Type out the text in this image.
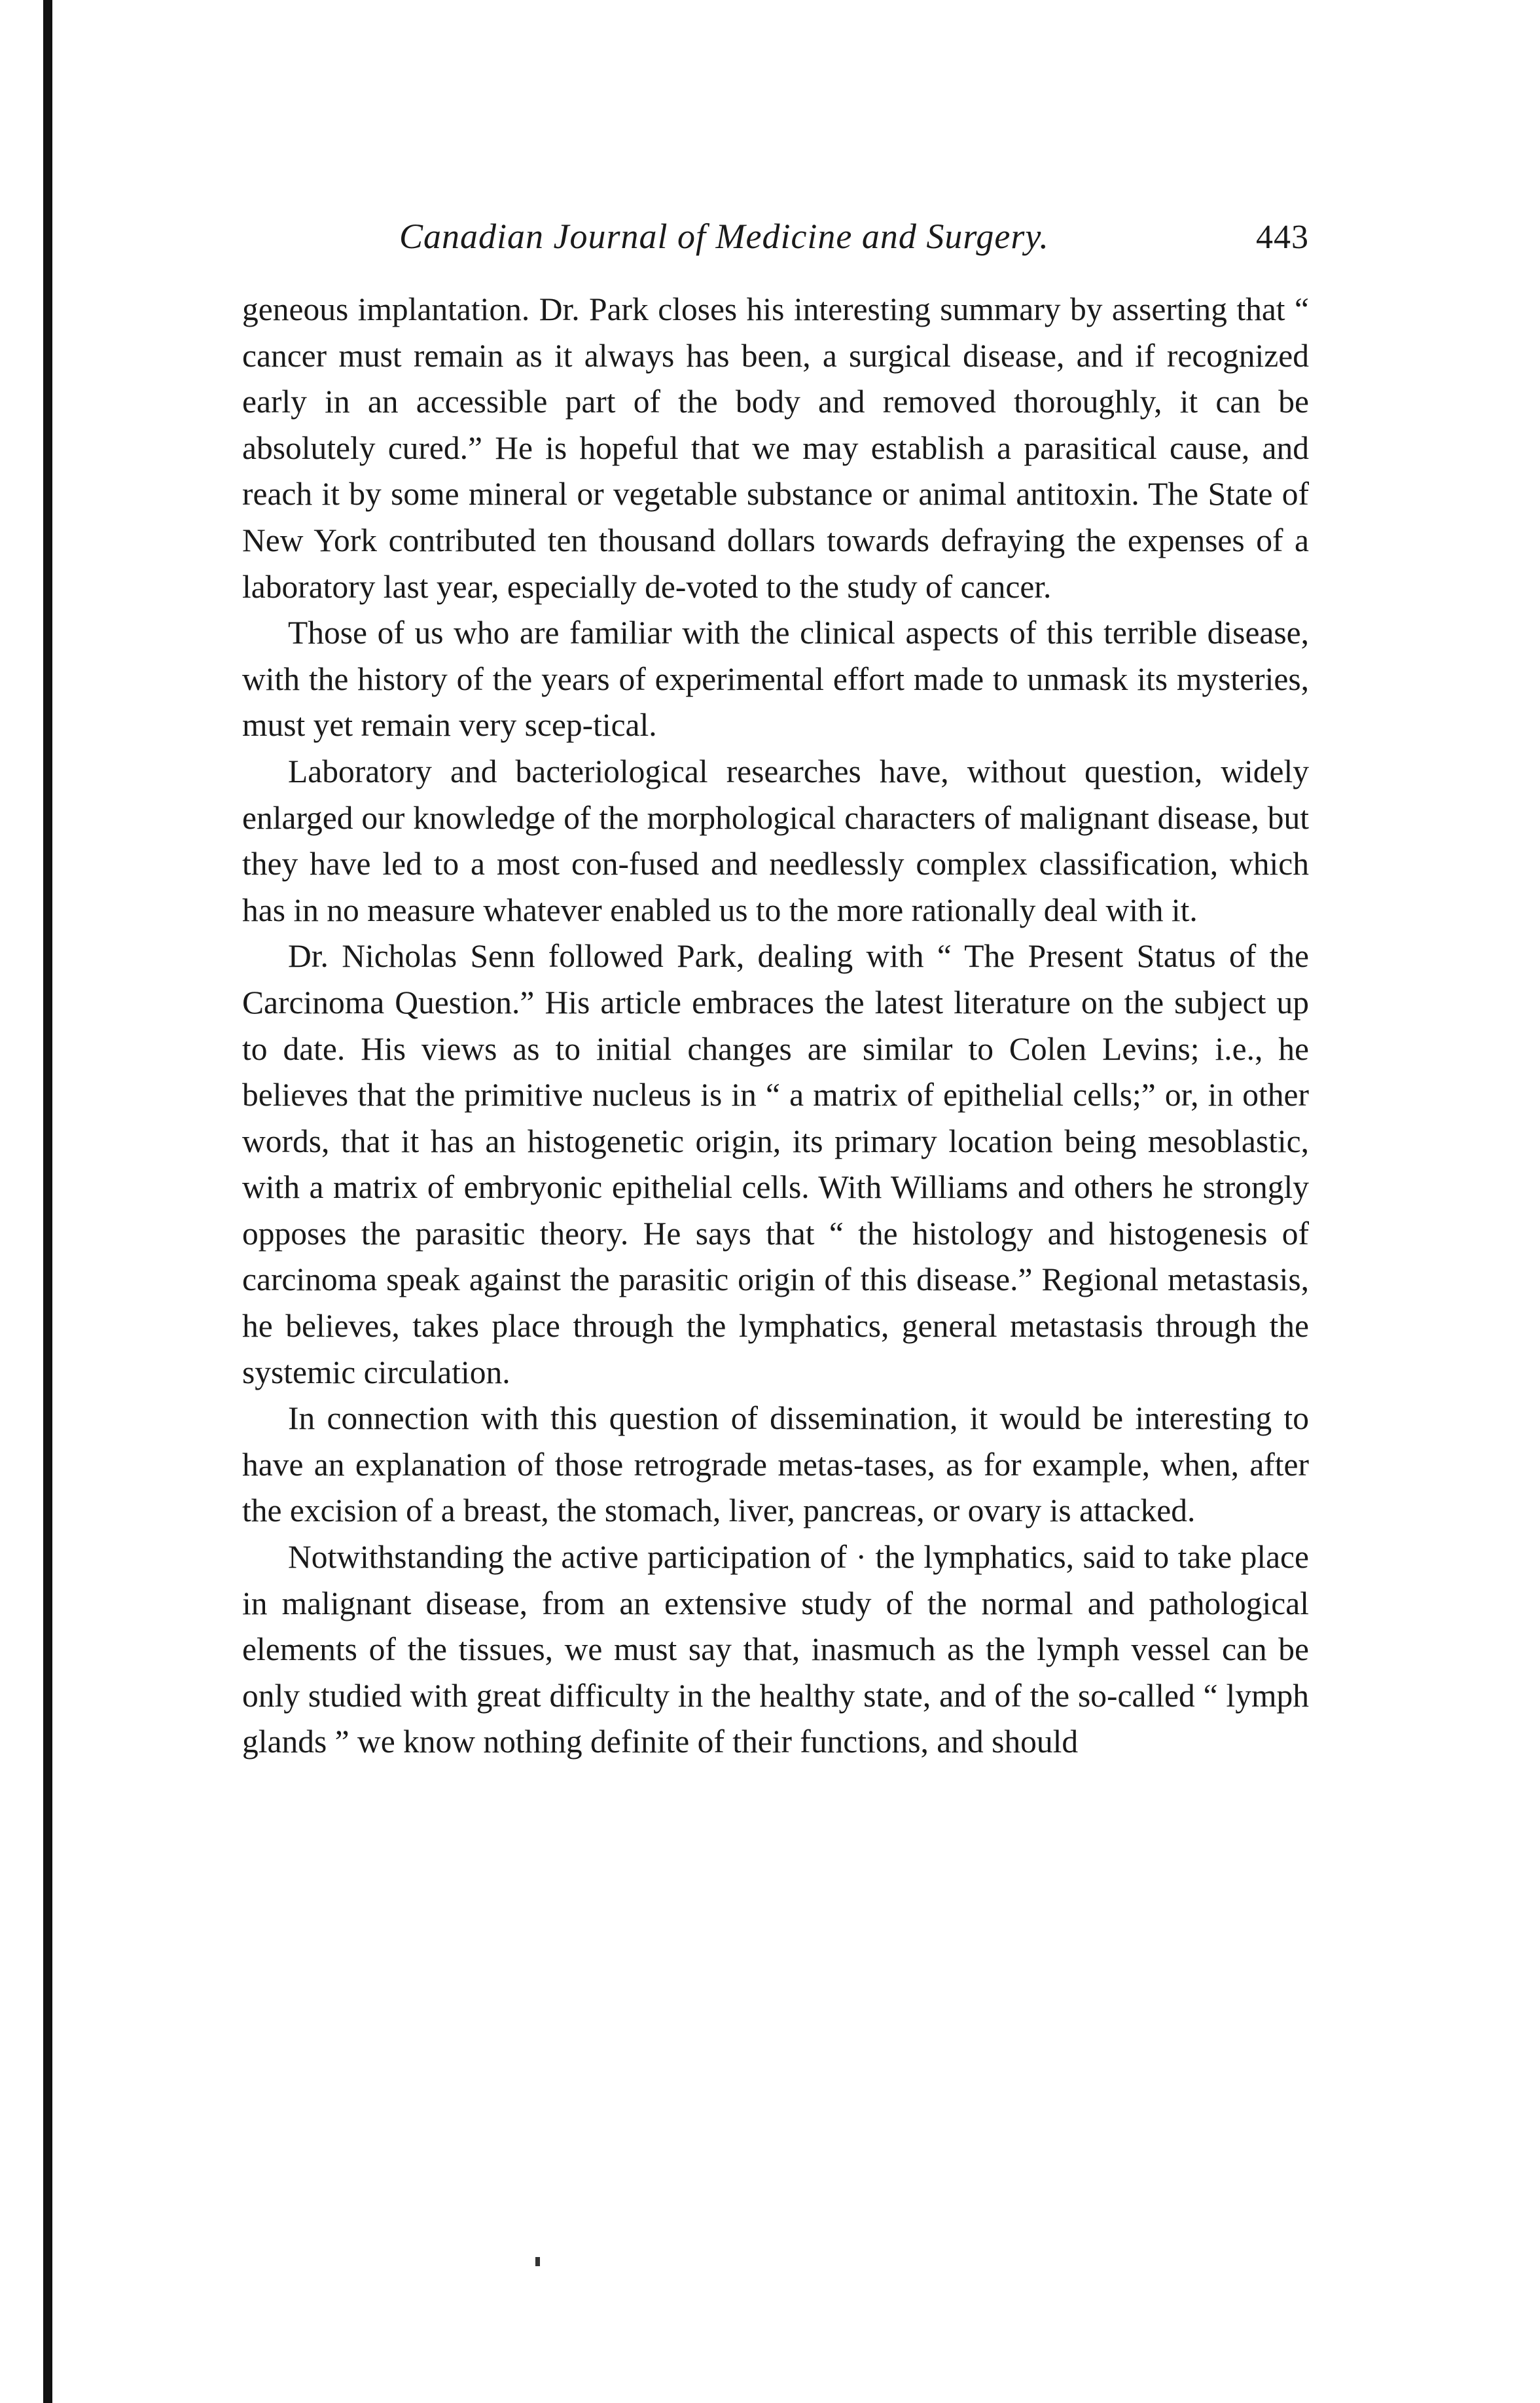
Canadian Journal of Medicine and Surgery.	443

geneous implantation. Dr. Park closes his interesting summary by asserting that “ cancer must remain as it always has been, a surgical disease, and if recognized early in an accessible part of the body and removed thoroughly, it can be absolutely cured.” He is hopeful that we may establish a parasitical cause, and reach it by some mineral or vegetable substance or animal antitoxin. The State of New York contributed ten thousand dollars towards defraying the expenses of a laboratory last year, especially de-voted to the study of cancer.

Those of us who are familiar with the clinical aspects of this terrible disease, with the history of the years of experimental effort made to unmask its mysteries, must yet remain very scep-tical.

Laboratory and bacteriological researches have, without question, widely enlarged our knowledge of the morphological characters of malignant disease, but they have led to a most con-fused and needlessly complex classification, which has in no measure whatever enabled us to the more rationally deal with it.

Dr. Nicholas Senn followed Park, dealing with “ The Present Status of the Carcinoma Question.” His article embraces the latest literature on the subject up to date. His views as to initial changes are similar to Colen Levins; i.e., he believes that the primitive nucleus is in “ a matrix of epithelial cells;” or, in other words, that it has an histogenetic origin, its primary location being mesoblastic, with a matrix of embryonic epithelial cells. With Williams and others he strongly opposes the parasitic theory. He says that “ the histology and histogenesis of carcinoma speak against the parasitic origin of this disease.” Regional metastasis, he believes, takes place through the lymphatics, general metastasis through the systemic circulation.

In connection with this question of dissemination, it would be interesting to have an explanation of those retrograde metas-tases, as for example, when, after the excision of a breast, the stomach, liver, pancreas, or ovary is attacked.

Notwithstanding the active participation of · the lymphatics, said to take place in malignant disease, from an extensive study of the normal and pathological elements of the tissues, we must say that, inasmuch as the lymph vessel can be only studied with great difficulty in the healthy state, and of the so-called “ lymph glands ” we know nothing definite of their functions, and should
